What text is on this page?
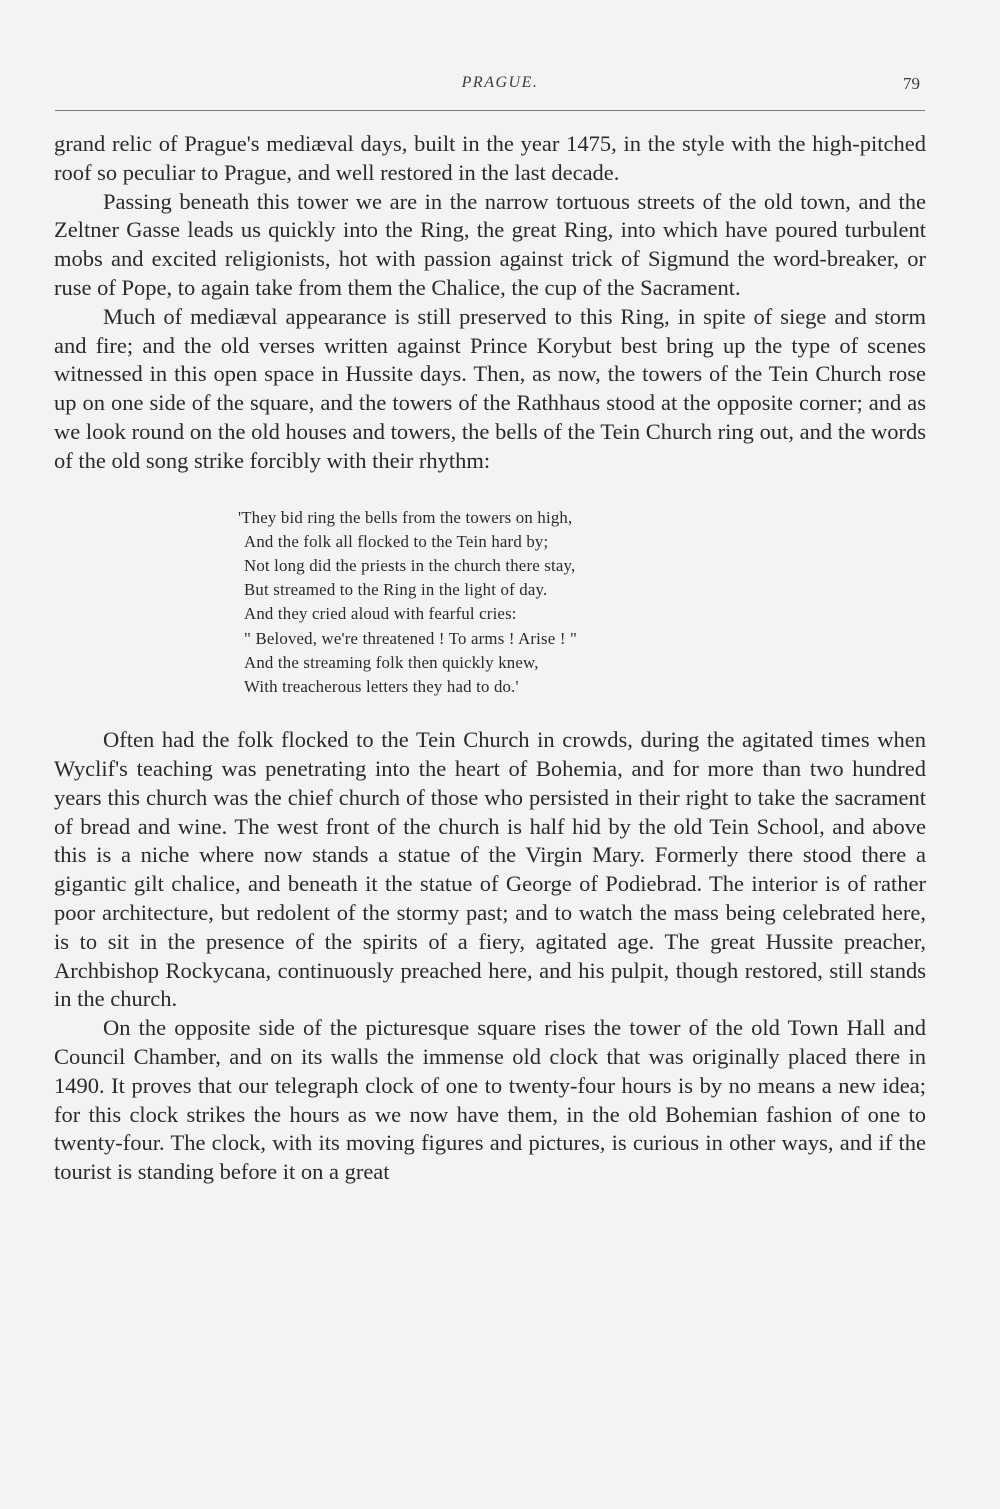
PRAGUE.	79

grand relic of Prague's mediæval days, built in the year 1475, in the style with the high-pitched roof so peculiar to Prague, and well restored in the last decade.

Passing beneath this tower we are in the narrow tortuous streets of the old town, and the Zeltner Gasse leads us quickly into the Ring, the great Ring, into which have poured turbulent mobs and excited religionists, hot with passion against trick of Sigmund the word-breaker, or ruse of Pope, to again take from them the Chalice, the cup of the Sacrament.

Much of mediæval appearance is still preserved to this Ring, in spite of siege and storm and fire; and the old verses written against Prince Korybut best bring up the type of scenes witnessed in this open space in Hussite days. Then, as now, the towers of the Tein Church rose up on one side of the square, and the towers of the Rathhaus stood at the opposite corner; and as we look round on the old houses and towers, the bells of the Tein Church ring out, and the words of the old song strike forcibly with their rhythm:

'They bid ring the bells from the towers on high,
And the folk all flocked to the Tein hard by;
Not long did the priests in the church there stay,
But streamed to the Ring in the light of day.
And they cried aloud with fearful cries:
" Beloved, we're threatened ! To arms ! Arise ! "
And the streaming folk then quickly knew,
With treacherous letters they had to do.'

Often had the folk flocked to the Tein Church in crowds, during the agitated times when Wyclif's teaching was penetrating into the heart of Bohemia, and for more than two hundred years this church was the chief church of those who persisted in their right to take the sacrament of bread and wine. The west front of the church is half hid by the old Tein School, and above this is a niche where now stands a statue of the Virgin Mary. Formerly there stood there a gigantic gilt chalice, and beneath it the statue of George of Podiebrad. The interior is of rather poor architecture, but redolent of the stormy past; and to watch the mass being celebrated here, is to sit in the presence of the spirits of a fiery, agitated age. The great Hussite preacher, Archbishop Rockycana, continuously preached here, and his pulpit, though restored, still stands in the church.

On the opposite side of the picturesque square rises the tower of the old Town Hall and Council Chamber, and on its walls the immense old clock that was originally placed there in 1490. It proves that our telegraph clock of one to twenty-four hours is by no means a new idea; for this clock strikes the hours as we now have them, in the old Bohemian fashion of one to twenty-four. The clock, with its moving figures and pictures, is curious in other ways, and if the tourist is standing before it on a great
